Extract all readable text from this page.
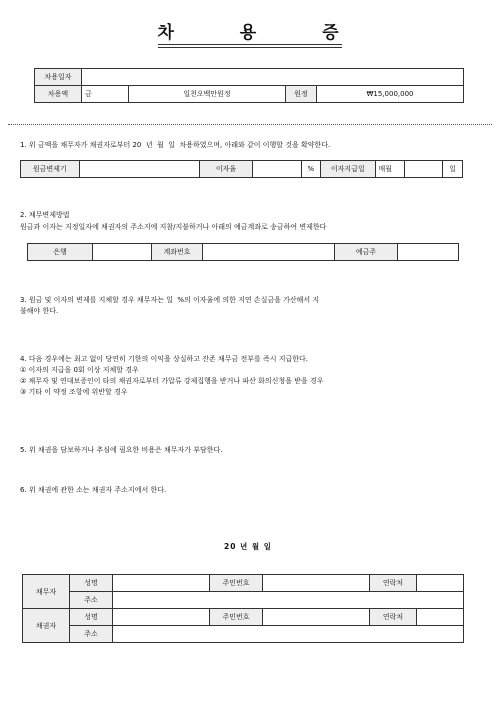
차 용 증
차용일자				
차용액	금	일천오백만원정	원정	₩15,000,000
1. 위 금액을 채무자가 채권자로부터 20  년  월  일  차용하였으며, 아래와 같이 이행할 것을 확약한다.
원금변제기		이자율		%	이자지급일	매월		일
2. 채무변제방법
원금과 이자는 지정일자에 채권자의 주소지에 지참/지불하거나 아래의 예금계좌로 송금하여 변제한다
은행		계좌번호		예금주	
3. 원금 및 이자의 변제를 지체할 경우 채무자는 일  %의 이자율에 의한 지연 손실금을 가산해서 지
불해야 한다.
4. 다음 경우에는 최고 없이 당연히 기한의 이익을 상실하고 잔존 채무금 전부를 즉시 지급한다.
① 이자의 지급을 0회 이상 지체할 경우
② 채무자 및 연대보증인이 타의 채권자로부터 가압류 강제집행을 받거나 파산 화의신청을 받을 경우
③ 기타 이 약정 조항에 위반할 경우
5. 위 채권을 담보하거나 추심에 필요한 비용은 채무자가 부담한다.
6. 위 채권에 관한 소는 채권자 주소지에서 한다.
20 년 월 일
채무자	성명		주민번호		연락처	
	주소					
채권자	성명		주민번호		연락처	
	주소					
